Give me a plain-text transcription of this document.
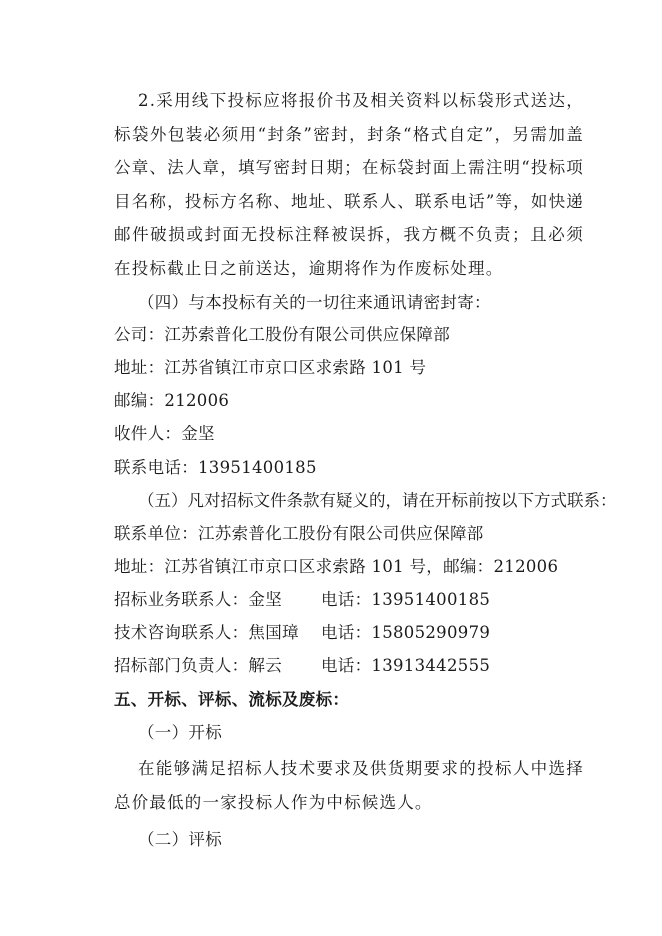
2.采用线下投标应将报价书及相关资料以标袋形式送达，标袋外包装必须用“封条”密封，封条“格式自定”，另需加盖公章、法人章，填写密封日期；在标袋封面上需注明“投标项目名称，投标方名称、地址、联系人、联系电话”等，如快递邮件破损或封面无投标注释被误拆，我方概不负责；且必须在投标截止日之前送达，逾期将作为作废标处理。
（四）与本投标有关的一切往来通讯请密封寄：
公司：江苏索普化工股份有限公司供应保障部
地址：江苏省镇江市京口区求索路 101 号
邮编：212006
收件人：金坚
联系电话：13951400185
（五）凡对招标文件条款有疑义的，请在开标前按以下方式联系：
联系单位：江苏索普化工股份有限公司供应保障部
地址：江苏省镇江市京口区求索路 101 号，邮编：212006
招标业务联系人：金坚 电话：13951400185
技术咨询联系人：焦国璋 电话：15805290979
招标部门负责人：解云 电话：13913442555
五、开标、评标、流标及废标：
（一）开标
在能够满足招标人技术要求及供货期要求的投标人中选择总价最低的一家投标人作为中标候选人。
（二）评标
